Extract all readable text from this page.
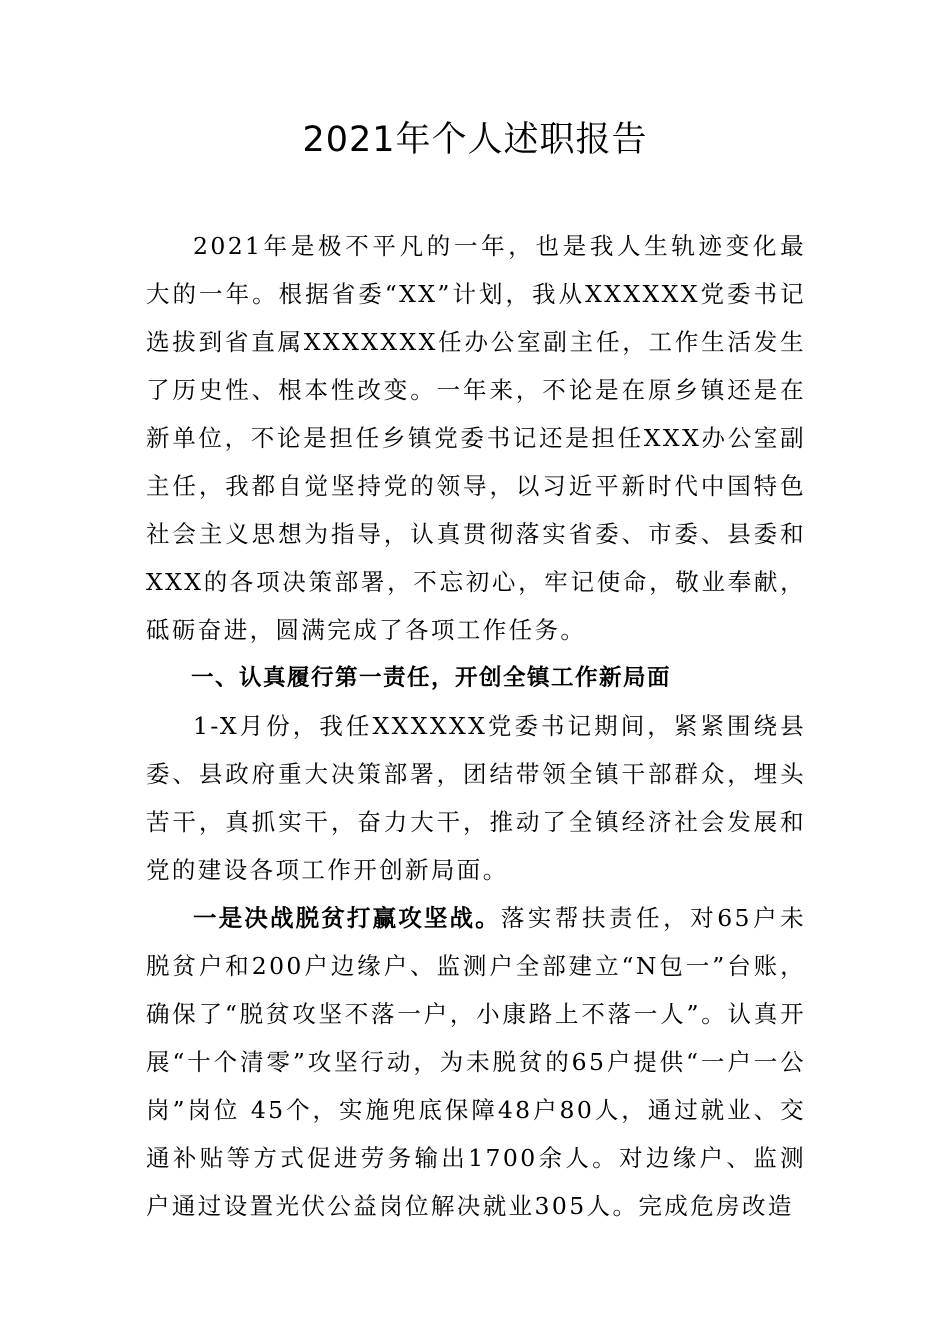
2021年个人述职报告

2021年是极不平凡的一年，也是我人生轨迹变化最大的一年。根据省委“XX”计划，我从XXXXXX党委书记选拔到省直属XXXXXXX任办公室副主任，工作生活发生了历史性、根本性改变。一年来，不论是在原乡镇还是在新单位，不论是担任乡镇党委书记还是担任XXX办公室副主任，我都自觉坚持党的领导，以习近平新时代中国特色社会主义思想为指导，认真贯彻落实省委、市委、县委和XXX的各项决策部署，不忘初心，牢记使命，敬业奉献，砥砺奋进，圆满完成了各项工作任务。

一、认真履行第一责任，开创全镇工作新局面

1-X月份，我任XXXXXX党委书记期间，紧紧围绕县委、县政府重大决策部署，团结带领全镇干部群众，埋头苦干，真抓实干，奋力大干，推动了全镇经济社会发展和党的建设各项工作开创新局面。

一是决战脱贫打赢攻坚战。落实帮扶责任，对65户未脱贫户和200户边缘户、监测户全部建立“N包一”台账，确保了“脱贫攻坚不落一户，小康路上不落一人”。认真开展“十个清零”攻坚行动，为未脱贫的65户提供“一户一公岗”岗位 45个，实施兜底保障48户80人，通过就业、交通补贴等方式促进劳务输出1700余人。对边缘户、监测户通过设置光伏公益岗位解决就业305人。完成危房改造
